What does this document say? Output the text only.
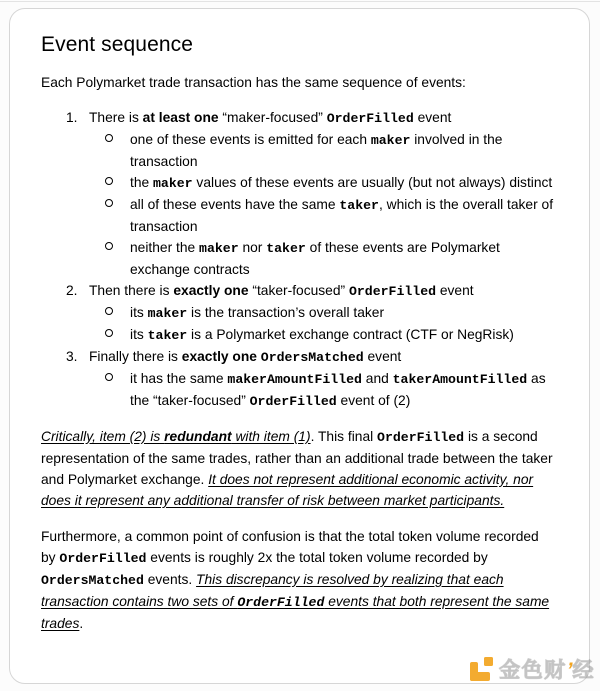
Event sequence

Each Polymarket trade transaction has the same sequence of events:

1. There is at least one “maker-focused” OrderFilled event
one of these events is emitted for each maker involved in the transaction
the maker values of these events are usually (but not always) distinct
all of these events have the same taker, which is the overall taker of transaction
neither the maker nor taker of these events are Polymarket exchange contracts
2. Then there is exactly one “taker-focused” OrderFilled event
its maker is the transaction’s overall taker
its taker is a Polymarket exchange contract (CTF or NegRisk)
3. Finally there is exactly one OrdersMatched event
it has the same makerAmountFilled and takerAmountFilled as the “taker-focused” OrderFilled event of (2)

Critically, item (2) is redundant with item (1). This final OrderFilled is a second representation of the same trades, rather than an additional trade between the taker and Polymarket exchange. It does not represent additional economic activity, nor does it represent any additional transfer of risk between market participants.

Furthermore, a common point of confusion is that the total token volume recorded by OrderFilled events is roughly 2x the total token volume recorded by OrdersMatched events. This discrepancy is resolved by realizing that each transaction contains two sets of OrderFilled events that both represent the same trades.

’
